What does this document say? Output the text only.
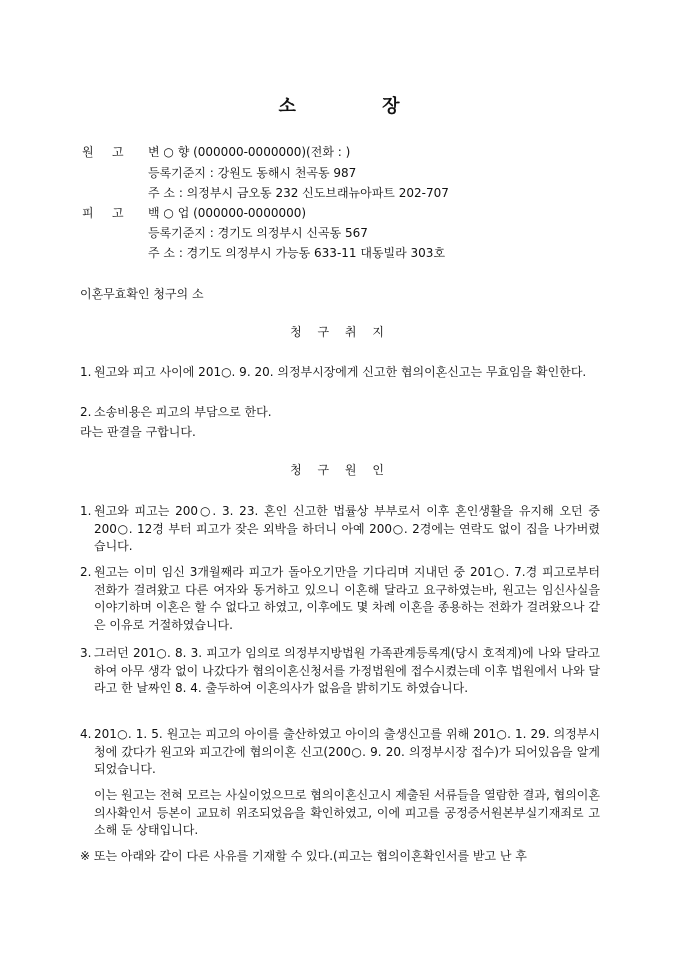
소	장
원 고	변 ○ 향 (000000-0000000)(전화 : )
등록기준지 : 강원도 동해시 천곡동 987
주 소 : 의정부시 금오동 232 신도브래뉴아파트 202-707
피 고	백 ○ 업 (000000-0000000)
등록기준지 : 경기도 의정부시 신곡동 567
주 소 : 경기도 의정부시 가능동 633-11 대동빌라 303호
이혼무효확인 청구의 소
청 구 취 지
1. 원고와 피고 사이에 201○. 9. 20. 의정부시장에게 신고한 협의이혼신고는 무효임을 확인한다.
2. 소송비용은 피고의 부담으로 한다.
라는 판결을 구합니다.
청 구 원 인
1. 원고와 피고는 200○. 3. 23. 혼인 신고한 법률상 부부로서 이후 혼인생활을 유지해 오던 중 200○. 12경 부터 피고가 잦은 외박을 하더니 아예 200○. 2경에는 연락도 없이 집을 나가버렸습니다.
2. 원고는 이미 임신 3개월째라 피고가 돌아오기만을 기다리며 지내던 중 201○. 7.경 피고로부터 전화가 걸려왔고 다른 여자와 동거하고 있으니 이혼해 달라고 요구하였는바, 원고는 임신사실을 이야기하며 이혼은 할 수 없다고 하였고, 이후에도 몇 차례 이혼을 종용하는 전화가 걸려왔으나 같은 이유로 거절하였습니다.
3. 그러던 201○. 8. 3. 피고가 임의로 의정부지방법원 가족관계등록계(당시 호적계)에 나와 달라고 하여 아무 생각 없이 나갔다가 협의이혼신청서를 가정법원에 접수시켰는데 이후 법원에서 나와 달라고 한 날짜인 8. 4. 출두하여 이혼의사가 없음을 밝히기도 하였습니다.
4. 201○. 1. 5. 원고는 피고의 아이를 출산하였고 아이의 출생신고를 위해 201○. 1. 29. 의정부시청에 갔다가 원고와 피고간에 협의이혼 신고(200○. 9. 20. 의정부시장 접수)가 되어있음을 알게 되었습니다.
이는 원고는 전혀 모르는 사실이었으므로 협의이혼신고시 제출된 서류들을 열람한 결과, 협의이혼의사확인서 등본이 교묘히 위조되었음을 확인하였고, 이에 피고를 공정증서원본부실기재죄로 고소해 둔 상태입니다.
※ 또는 아래와 같이 다른 사유를 기재할 수 있다.(피고는 협의이혼확인서를 받고 난 후
